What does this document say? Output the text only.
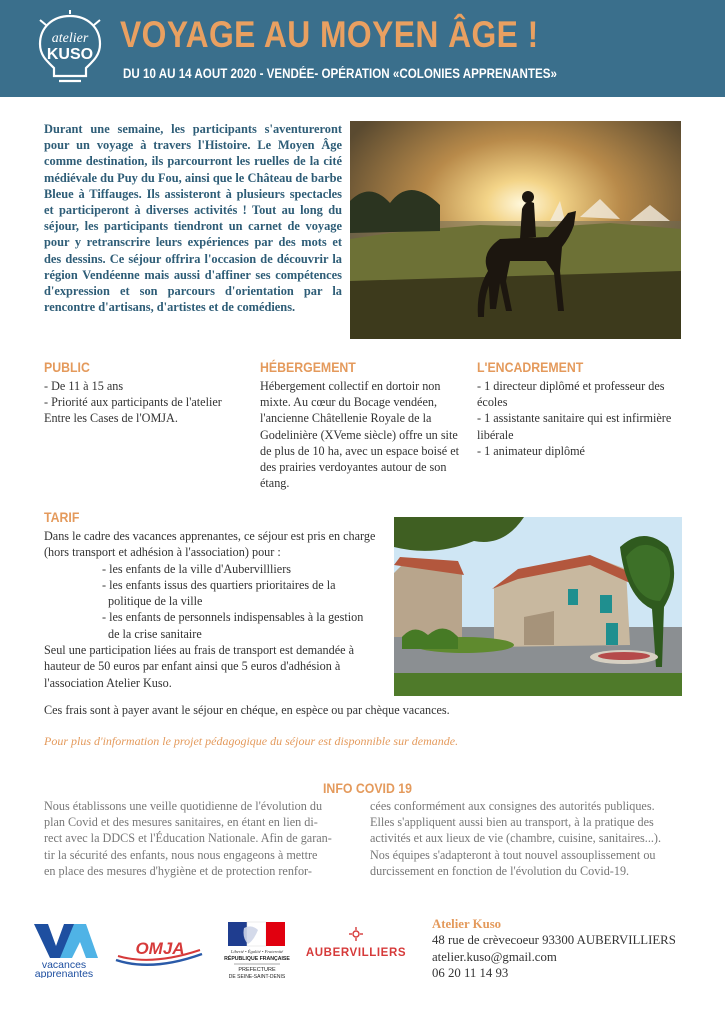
atelier
KUSO VOYAGE AU MOYEN ÂGE !
DU 10 AU 14 AOUT 2020 - VENDÉE- OPÉRATION «COLONIES APPRENANTES»
Durant une semaine, les participants s'aventureront pour un voyage à travers l'Histoire. Le Moyen Âge comme destination, ils parcourront les ruelles de la cité médiévale du Puy du Fou, ainsi que le Château de barbe Bleue à Tiffauges. Ils assisteront à plusieurs spectacles et participeront à diverses activités ! Tout au long du séjour, les participants tiendront un carnet de voyage pour y retranscrire leurs expériences par des mots et des dessins. Ce séjour offrira l'occasion de découvrir la région Vendéenne mais aussi d'affiner ses compétences d'expression et son parcours d'orientation par la rencontre d'artisans, d'artistes et de comédiens.
PUBLIC

- De 11 à 15 ans

- Priorité aux participants de l'atelier

Entre les Cases de l'OMJA.

HÉBERGEMENT
Hébergement collectif en dortoir non mixte. Au cœur du Bocage vendéen, l'ancienne Châtellenie Royale de la Godelinière (XVeme siècle) offre un site de plus de 10 ha, avec un espace boisé et des prairies verdoyantes autour de son étang.
L'ENCADREMENT

- 1 directeur diplômé et professeur des écoles

- 1 assistante sanitaire qui est infirmière libérale

- 1 animateur diplômé

TARIF

Dans le cadre des vacances apprenantes, ce séjour est pris en charge (hors transport et adhésion à l'association) pour :

- les enfants de la ville d'Aubervillliers

- les enfants issus des quartiers prioritaires de la

politique de la ville

- les enfants de personnels indispensables à la gestion

de la crise sanitaire

Seul une participation liées au frais de transport est demandée à hauteur de 50 euros par enfant ainsi que 5 euros d'adhésion à l'association Atelier Kuso.

Ces frais sont à payer avant le séjour en chéque, en espèce ou par chèque vacances.
Pour plus d'information le projet pédagogique du séjour est disponnible sur demande.
INFO COVID 19
Nous établissons une veille quotidienne de l'évolution du
plan Covid et des mesures sanitaires, en étant en lien di-
rect avec la DDCS et l'Éducation Nationale. Afin de garan-
tir la sécurité des enfants, nous nous engageons à mettre
en place des mesures d'hygiène et de protection renfor-
cées conformément aux consignes des autorités publiques.
Elles s'appliquent aussi bien au transport, à la pratique des
activités et aux lieux de vie (chambre, cuisine, sanitaires...).
Nos équipes s'adapteront à tout nouvel assouplissement ou
durcissement en fonction de l'évolution du Covid-19.
vacances
apprenantes
OMJA	Liberté • Égalité • Fraternité
RÉPUBLIQUE FRANÇAISE
PREFECTURE
DE SEINE-SAINT-DENIS
AUBERVILLIERS
Atelier Kuso
48 rue de crèvecoeur 93300 AUBERVILLIERS
atelier.kuso@gmail.com
06 20 11 14 93
